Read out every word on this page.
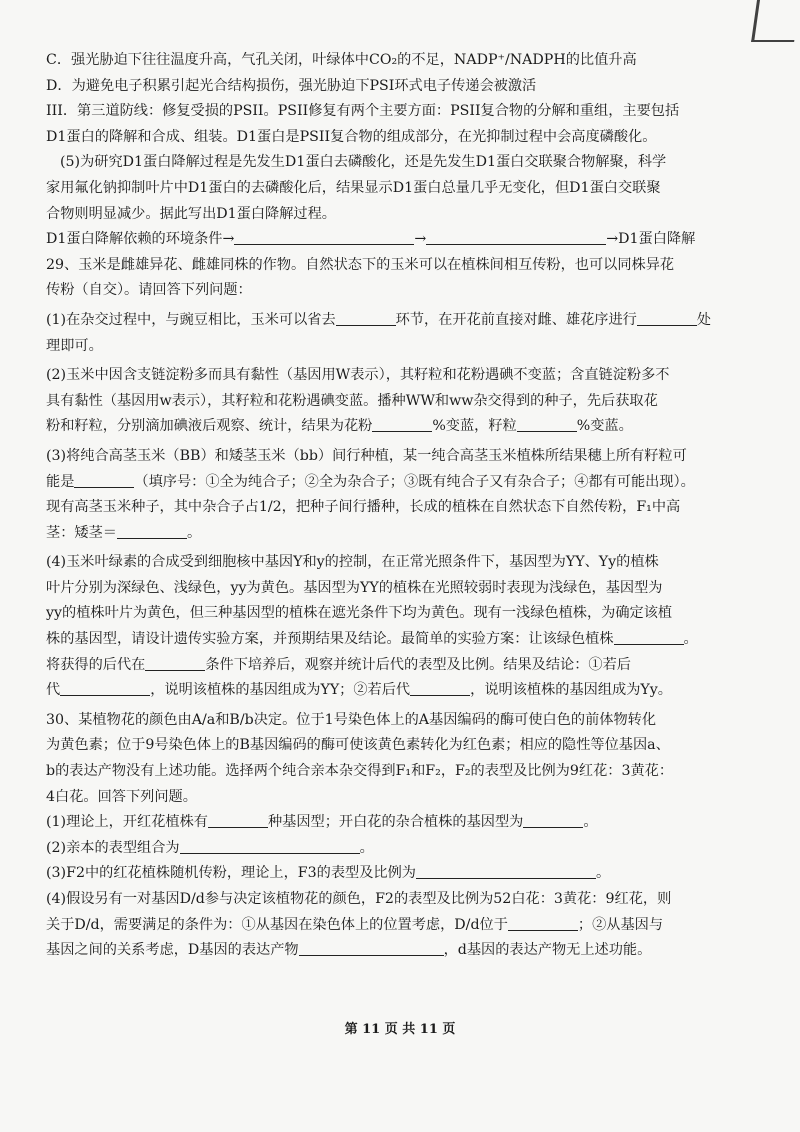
C．强光胁迫下往往温度升高，气孔关闭，叶绿体中CO₂的不足，NADP⁺/NADPH的比值升高
D．为避免电子积累引起光合结构损伤，强光胁迫下PSI环式电子传递会被激活
III．第三道防线：修复受损的PSII。PSII修复有两个主要方面：PSII复合物的分解和重组，主要包括
D1蛋白的降解和合成、组装。D1蛋白是PSII复合物的组成部分，在光抑制过程中会高度磷酸化。
(5)为研究D1蛋白降解过程是先发生D1蛋白去磷酸化，还是先发生D1蛋白交联聚合物解聚，科学
家用氟化钠抑制叶片中D1蛋白的去磷酸化后，结果显示D1蛋白总量几乎无变化，但D1蛋白交联聚
合物则明显减少。据此写出D1蛋白降解过程。
D1蛋白降解依赖的环境条件→	→	→D1蛋白降解
29、玉米是雌雄异花、雌雄同株的作物。自然状态下的玉米可以在植株间相互传粉，也可以同株异花
传粉（自交）。请回答下列问题：
(1)在杂交过程中，与豌豆相比，玉米可以省去	环节，在开花前直接对雌、雄花序进行	处
理即可。
(2)玉米中因含支链淀粉多而具有黏性（基因用W表示），其籽粒和花粉遇碘不变蓝；含直链淀粉多不
具有黏性（基因用w表示），其籽粒和花粉遇碘变蓝。播种WW和ww杂交得到的种子，先后获取花
粉和籽粒，分别滴加碘液后观察、统计，结果为花粉	%变蓝，籽粒	%变蓝。
(3)将纯合高茎玉米（BB）和矮茎玉米（bb）间行种植，某一纯合高茎玉米植株所结果穗上所有籽粒可
能是	（填序号：①全为纯合子；②全为杂合子；③既有纯合子又有杂合子；④都有可能出现）。
现有高茎玉米种子，其中杂合子占1/2，把种子间行播种，长成的植株在自然状态下自然传粉，F₁中高
茎：矮茎＝	。
(4)玉米叶绿素的合成受到细胞核中基因Y和y的控制，在正常光照条件下，基因型为YY、Yy的植株
叶片分别为深绿色、浅绿色，yy为黄色。基因型为YY的植株在光照较弱时表现为浅绿色，基因型为
yy的植株叶片为黄色，但三种基因型的植株在遮光条件下均为黄色。现有一浅绿色植株，为确定该植
株的基因型，请设计遗传实验方案，并预期结果及结论。最简单的实验方案：让该绿色植株	。
将获得的后代在	条件下培养后，观察并统计后代的表型及比例。结果及结论：①若后
代	，说明该植株的基因组成为YY；②若后代	，说明该植株的基因组成为Yy。
30、某植物花的颜色由A/a和B/b决定。位于1号染色体上的A基因编码的酶可使白色的前体物转化
为黄色素；位于9号染色体上的B基因编码的酶可使该黄色素转化为红色素；相应的隐性等位基因a、
b的表达产物没有上述功能。选择两个纯合亲本杂交得到F₁和F₂，F₂的表型及比例为9红花：3黄花：
4白花。回答下列问题。
(1)理论上，开红花植株有	种基因型；开白花的杂合植株的基因型为	。
(2)亲本的表型组合为	。
(3)F2中的红花植株随机传粉，理论上，F3的表型及比例为	。
(4)假设另有一对基因D/d参与决定该植物花的颜色，F2的表型及比例为52白花：3黄花：9红花，则
关于D/d，需要满足的条件为：①从基因在染色体上的位置考虑，D/d位于	；②从基因与
基因之间的关系考虑，D基因的表达产物	，d基因的表达产物无上述功能。
第 11 页 共 11 页
